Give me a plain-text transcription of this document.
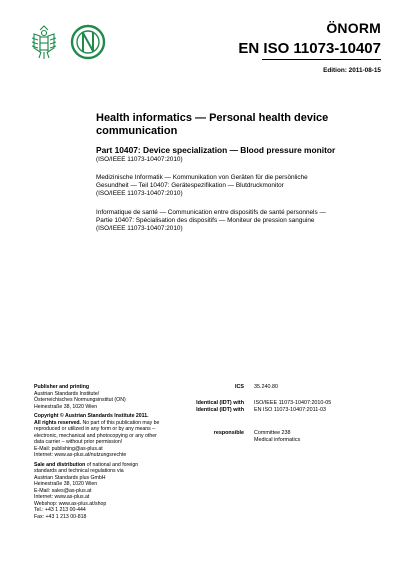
ÖNORM
EN ISO 11073-10407
Edition: 2011-08-15
Health informatics — Personal health device
communication
Part 10407: Device specialization — Blood pressure monitor
(ISO/IEEE 11073-10407:2010)
Medizinische Informatik — Kommunikation von Geräten für die persönliche
Gesundheit — Teil 10407: Gerätespezifikation — Blutdruckmonitor
(ISO/IEEE 11073-10407:2010)
Informatique de santé — Communication entre dispositifs de santé personnels —
Partie 10407: Spécialisation des dispositifs — Moniteur de pression sanguine
(ISO/IEEE 11073-10407:2010)
Publisher and printing
Austrian Standards Institute/
Österreichisches Normungsinstitut (ON)
Heinestraße 38, 1020 Wien
Copyright © Austrian Standards Institute 2011.
All rights reserved. No part of this publication may be
reproduced or utilized in any form or by any means –
electronic, mechanical and photocopying or any other
data carrier – without prior permission!
E-Mail: publishing@as-plus.at
Internet: www.as-plus.at/nutzungsrechte
Sale and distribution of national and foreign
standards and technical regulations via
Austrian Standards plus GmbH
Heinestraße 38, 1020 Wien
E-Mail: sales@as-plus.at
Internet: www.as-plus.at
Webshop: www.as-plus.at/shop
Tel.: +43 1 213 00-444
Fax: +43 1 213 00-818
ICS 35.240.80
Identical (IDT) with ISO/IEEE 11073-10407:2010-05
Identical (IDT) with EN ISO 11073-10407:2011-03
responsible Committee 238
Medical informatics
